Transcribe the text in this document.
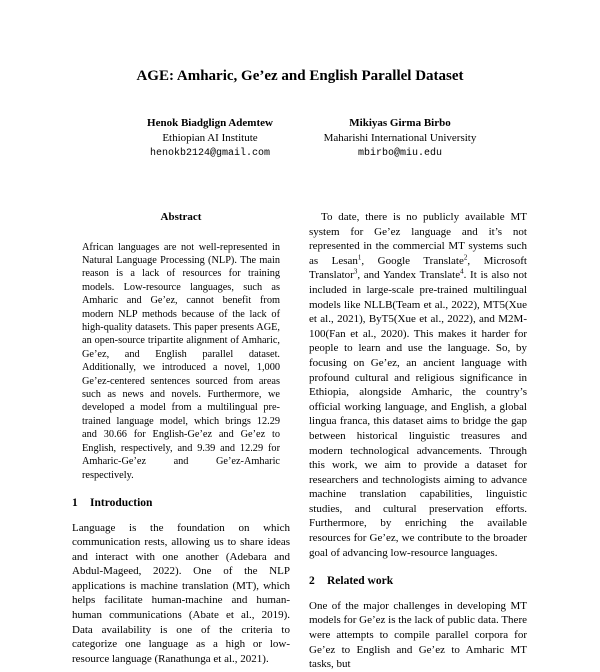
AGE: Amharic, Ge’ez and English Parallel Dataset
Henok Biadglign Ademtew
Ethiopian AI Institute
henokb2124@gmail.com
Mikiyas Girma Birbo
Maharishi International University
mbirbo@miu.edu
Abstract

African languages are not well-represented in Natural Language Processing (NLP). The main reason is a lack of resources for training models. Low-resource languages, such as Amharic and Ge’ez, cannot benefit from modern NLP methods because of the lack of high-quality datasets. This paper presents AGE, an open-source tripartite alignment of Amharic, Ge’ez, and English parallel dataset. Additionally, we introduced a novel, 1,000 Ge’ez-centered sentences sourced from areas such as news and novels. Furthermore, we developed a model from a multilingual pre-trained language model, which brings 12.29 and 30.66 for English-Ge’ez and Ge’ez to English, respectively, and 9.39 and 12.29 for Amharic-Ge’ez and Ge’ez-Amharic respectively.

1 Introduction

Language is the foundation on which communication rests, allowing us to share ideas and interact with one another (Adebara and Abdul-Mageed, 2022). One of the NLP applications is machine translation (MT), which helps facilitate human-machine and human-human communications (Abate et al., 2019). Data availability is one of the criteria to categorize one language as a high or low-resource language (Ranathunga et al., 2021).

To date, there is no publicly available MT system for Ge’ez language and it’s not represented in the commercial MT systems such as Lesan$^1$, Google Translate$^2$, Microsoft Translator$^3$, and Yandex Translate$^4$. It is also not included in large-scale pre-trained multilingual models like NLLB(Team et al., 2022), MT5(Xue et al., 2021), ByT5(Xue et al., 2022), and M2M-100(Fan et al., 2020). This makes it harder for people to learn and use the language. So, by focusing on Ge’ez, an ancient language with profound cultural and religious significance in Ethiopia, alongside Amharic, the country’s official working language, and English, a global lingua franca, this dataset aims to bridge the gap between historical linguistic treasures and modern technological advancements. Through this work, we aim to provide a dataset for researchers and technologists aiming to advance machine translation capabilities, linguistic studies, and cultural preservation efforts. Furthermore, by enriching the available resources for Ge’ez, we contribute to the broader goal of advancing low-resource languages.

2 Related work

One of the major challenges in developing MT models for Ge’ez is the lack of public data. There were attempts to compile parallel corpora for Ge’ez to English and Ge’ez to Amharic MT tasks, but
